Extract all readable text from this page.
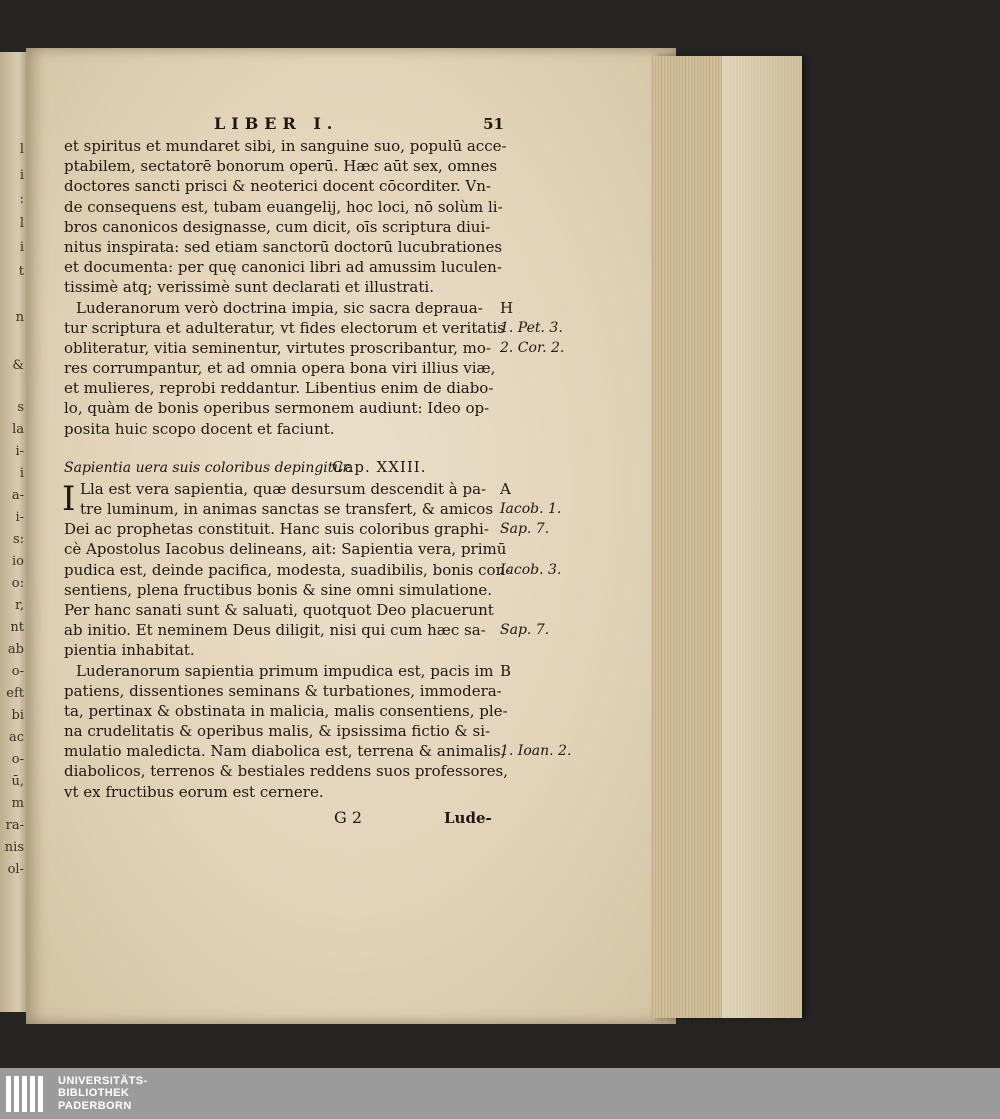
l
i
:
l
i
t
n
&
s
la
i-
i
a-
i-
s:
io
o:
r,
nt
ab
o-
eft
bi
ac
o-
ū,
m
ra-
nis
ol-
LIBER I.	51
et spiritus et mundaret sibi, in sanguine suo, populū acce-
ptabilem, sectatorē bonorum operū. Hæc aūt sex, omnes
doctores sancti prisci & neoterici docent cōcorditer. Vn-
de consequens est, tubam euangelij, hoc loci, nō solùm li-
bros canonicos designasse, cum dicit, oīs scriptura diui-
nitus inspirata: sed etiam sanctorū doctorū lucubrationes
et documenta: per quę canonici libri ad amussim luculen-
tissimè atq; verissimè sunt declarati et illustrati.
Luderanorum verò doctrina impia, sic sacra deprauа- H
tur scriptura et adulteratur, vt fides electorum et veritatis
1. Pet. 3.
obliteratur, vitia seminentur, virtutes proscribantur, mo- 2. Cor. 2.
res corrumpantur, et ad omnia opera bona viri illius viæ,
et mulieres, reprobi reddantur. Libentius enim de diabo-
lo, quàm de bonis operibus sermonem audiunt: Ideo op-
posita huic scopo docent et faciunt.
Sapientia uera suis coloribus depingitur.
Cap. XXIII.
I Lla est vera sapientia, quæ desursum descendit à pa- A
tre luminum, in animas sanctas se transfert, & amicos Iacob. 1.
Dei ac prophetas constituit. Hanc suis coloribus graphi- Sap. 7.
cè Apostolus Iacobus delineans, ait: Sapientia vera, primū
pudica est, deinde pacifica, modesta, suadibilis, bonis con-
Iacob. 3.
sentiens, plena fructibus bonis & sine omni simulatione.
Per hanc sanati sunt & saluati, quotquot Deo placuerunt
ab initio. Et neminem Deus diligit, nisi qui cum hæc sa- Sap. 7.
pientia inhabitat.
Luderanorum sapientia primum impudica est, pacis im B
patiens, dissentiones seminans & turbationes, immodera-
ta, pertinax & obstinata in malicia, malis consentiens, ple-
na crudelitatis & operibus malis, & ipsissima fictio & si-
mulatio maledicta. Nam diabolica est, terrena & animalis,
1. Ioan. 2.
diabolicos, terrenos & bestiales reddens suos professores,
vt ex fructibus eorum est cernere.
G 2	Lude-
UNIVERSITÄTS-
BIBLIOTHEK
PADERBORN
